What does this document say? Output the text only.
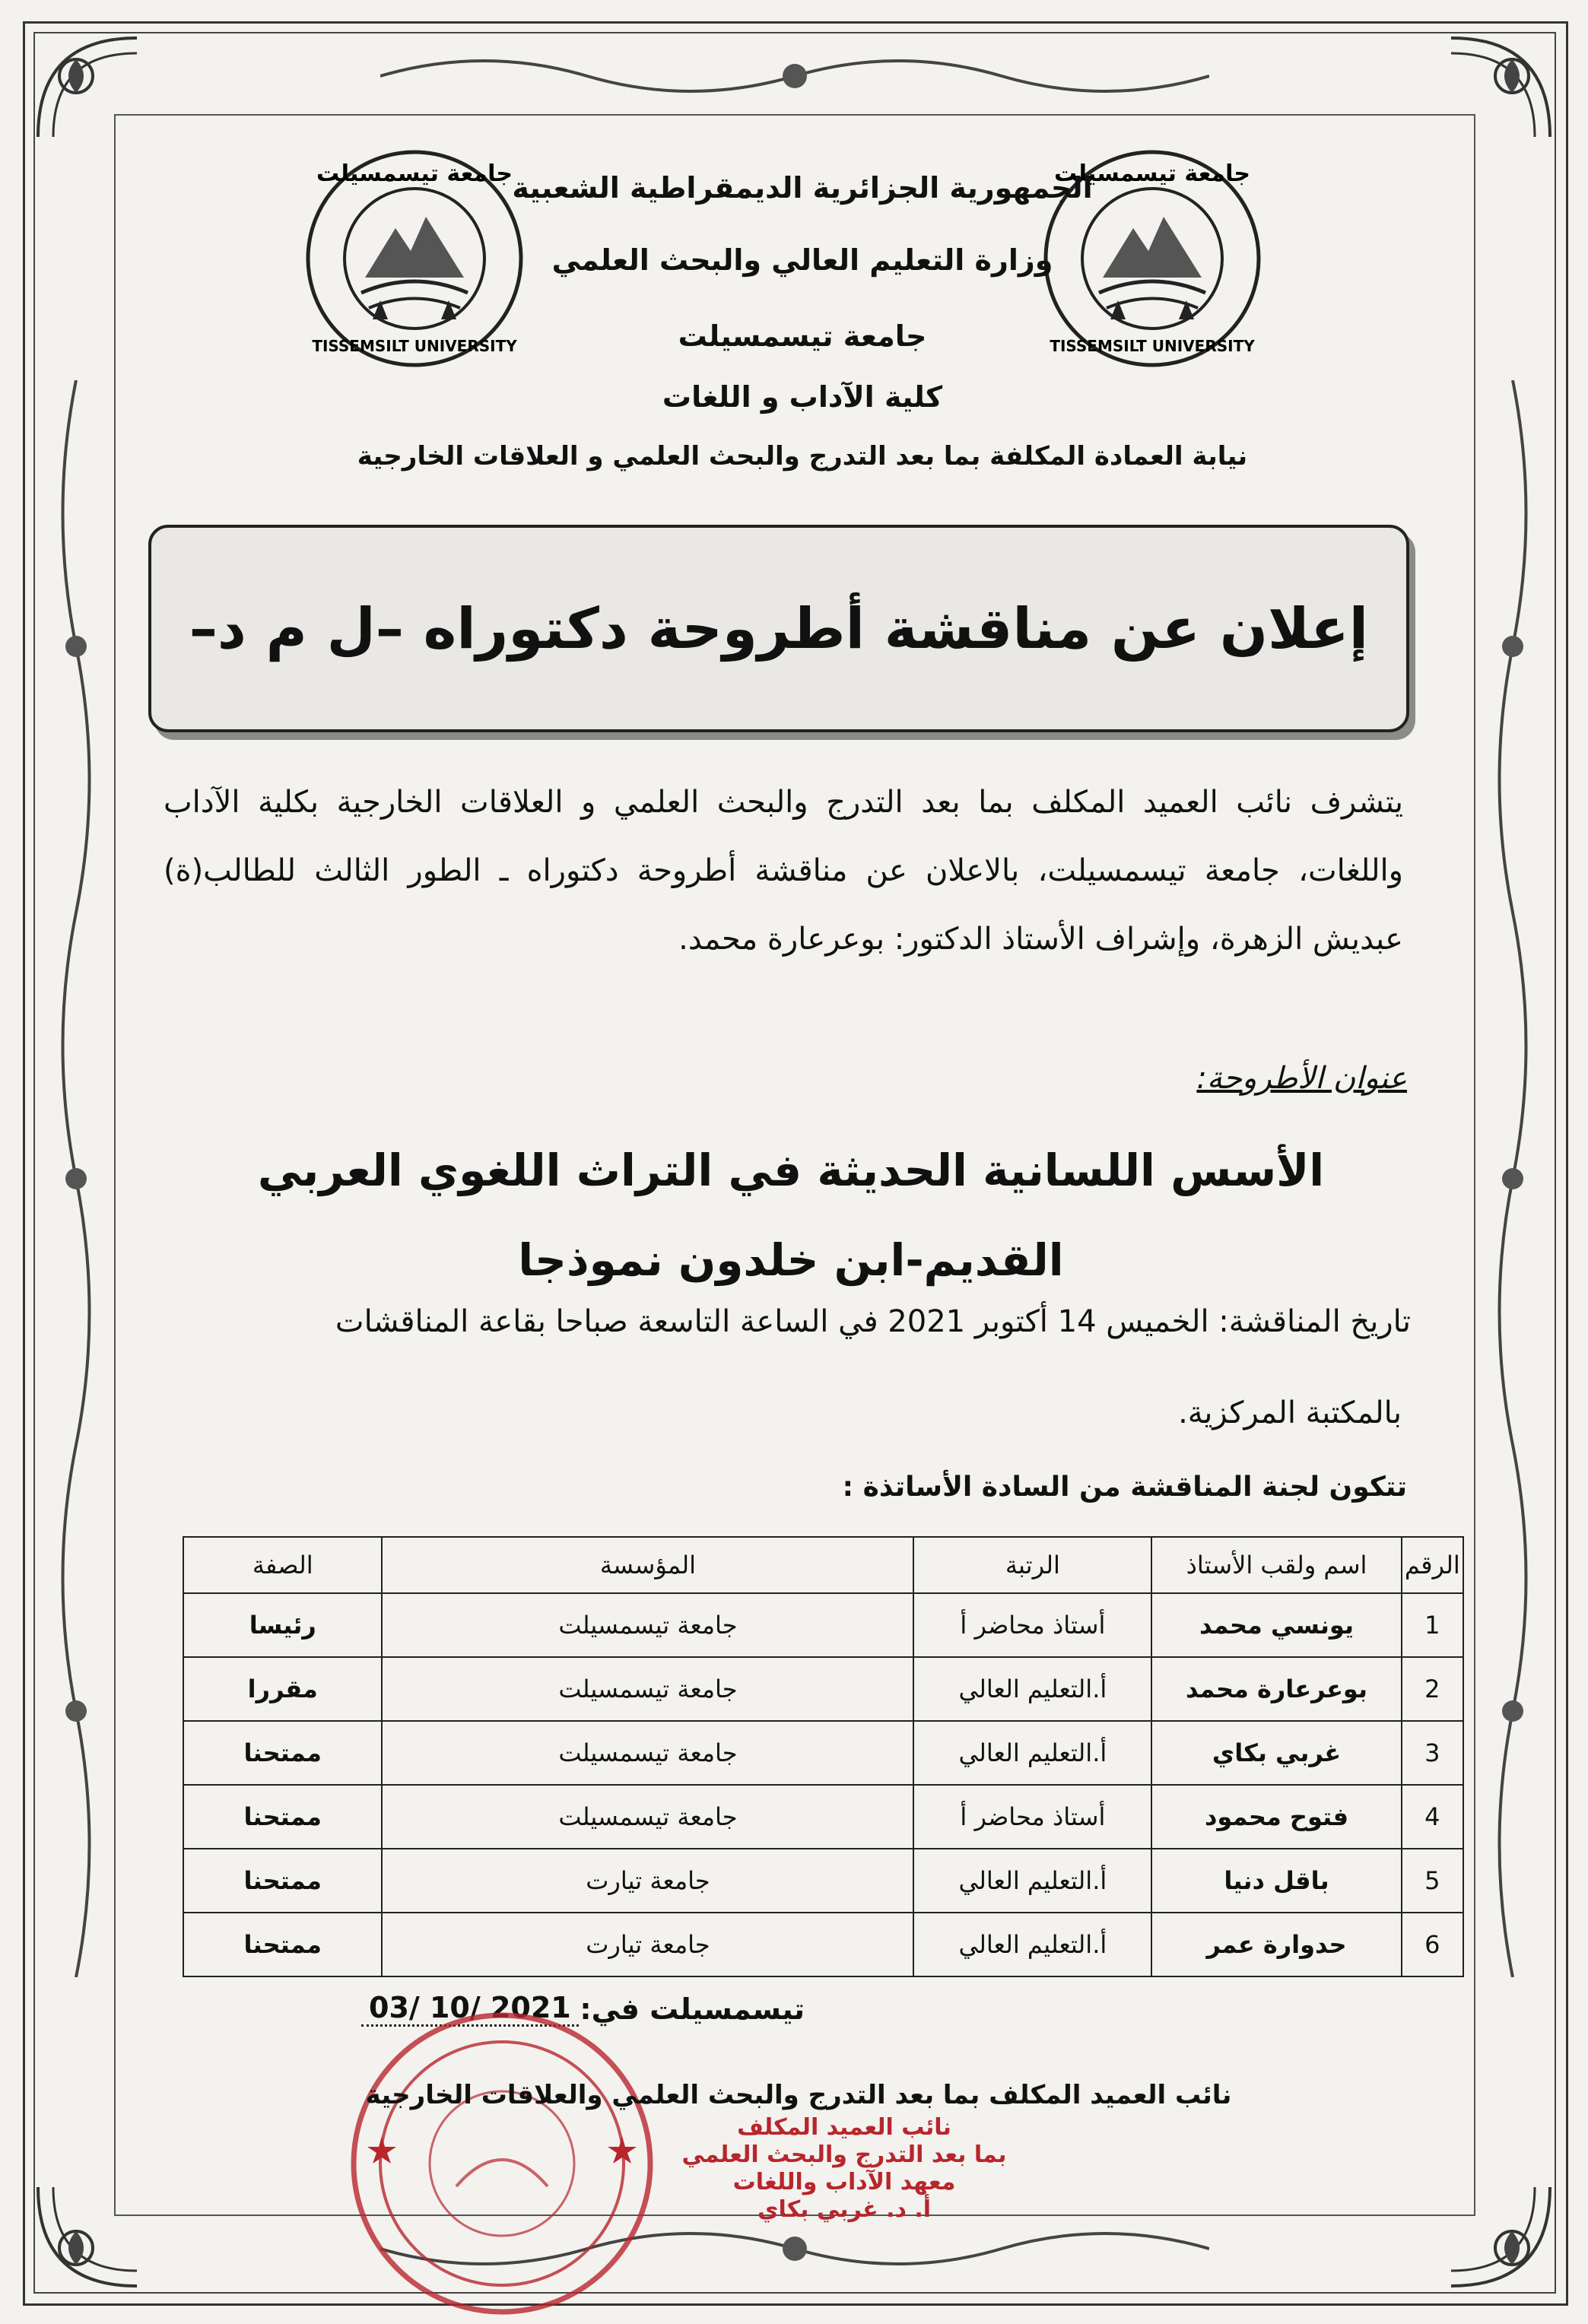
جامعة تيسمسيلت
TISSEMSILT UNIVERSITY
جامعة تيسمسيلت
TISSEMSILT UNIVERSITY
الجمهورية الجزائرية الديمقراطية الشعبية
وزارة التعليم العالي والبحث العلمي
جامعة تيسمسيلت
كلية الآداب و اللغات
نيابة العمادة المكلفة بما بعد التدرج والبحث العلمي و العلاقات الخارجية
إعلان عن مناقشة أطروحة دكتوراه –ل م د–
يتشرف نائب العميد المكلف بما بعد التدرج والبحث العلمي و العلاقات الخارجية بكلية الآداب واللغات، جامعة تيسمسيلت، بالاعلان عن مناقشة أطروحة دكتوراه ـ الطور الثالث للطالب(ة) عبديش الزهرة، وإشراف الأستاذ الدكتور: بوعرعارة محمد.
عنوان الأطروحة:
الأسس اللسانية الحديثة في التراث اللغوي العربي القديم-ابن خلدون نموذجا
تاريخ المناقشة: الخميس 14 أكتوبر 2021 في الساعة التاسعة صباحا بقاعة المناقشات
بالمكتبة المركزية.
تتكون لجنة المناقشة من السادة الأساتذة :
الرقم	اسم ولقب الأستاذ	الرتبة	المؤسسة	الصفة
1	يونسي محمد	أستاذ محاضر أ	جامعة تيسمسيلت	رئيسا
2	بوعرعارة محمد	أ.التعليم العالي	جامعة تيسمسيلت	مقررا
3	غربي بكاي	أ.التعليم العالي	جامعة تيسمسيلت	ممتحنا
4	فتوح محمود	أستاذ محاضر أ	جامعة تيسمسيلت	ممتحنا
5	باقل دنيا	أ.التعليم العالي	جامعة تيارت	ممتحنا
6	حدوارة عمر	أ.التعليم العالي	جامعة تيارت	ممتحنا
تيسمسيلت في:
03/ 10/ 2021
نائب العميد المكلف بما بعد التدرج والبحث العلمي والعلاقات الخارجية
نائب العميد المكلف
بما بعد التدرج والبحث العلمي
معهد الآداب واللغات
أ. د. غربي بكاي
